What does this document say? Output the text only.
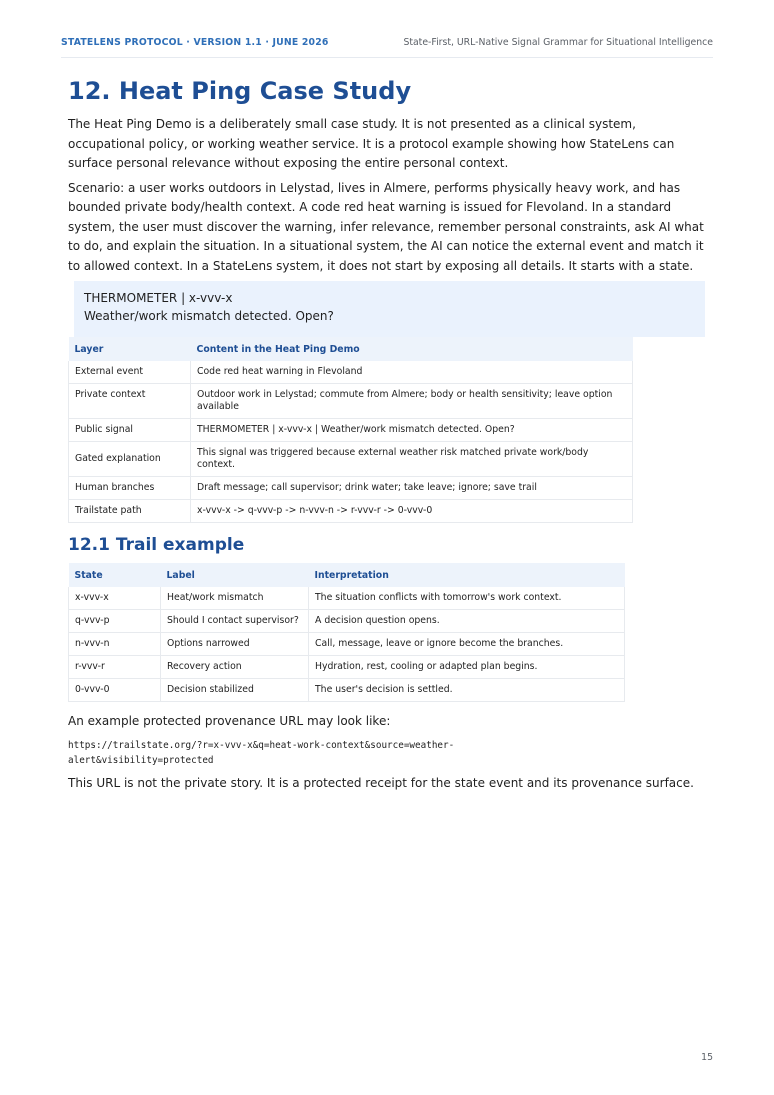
STATELENS PROTOCOL · VERSION 1.1 · JUNE 2026	State-First, URL-Native Signal Grammar for Situational Intelligence
12. Heat Ping Case Study

The Heat Ping Demo is a deliberately small case study. It is not presented as a clinical system, occupational policy, or working weather service. It is a protocol example showing how StateLens can surface personal relevance without exposing the entire personal context.

Scenario: a user works outdoors in Lelystad, lives in Almere, performs physically heavy work, and has bounded private body/health context. A code red heat warning is issued for Flevoland. In a standard system, the user must discover the warning, infer relevance, remember personal constraints, ask AI what to do, and explain the situation. In a situational system, the AI can notice the external event and match it to allowed context. In a StateLens system, it does not start by exposing all details. It starts with a state.

THERMOMETER | x-vvv-x
Weather/work mismatch detected. Open?
Layer	Content in the Heat Ping Demo
External event	Code red heat warning in Flevoland
Private context	Outdoor work in Lelystad; commute from Almere; body or health sensitivity; leave option available
Public signal	THERMOMETER | x-vvv-x | Weather/work mismatch detected. Open?
Gated explanation	This signal was triggered because external weather risk matched private work/body context.
Human branches	Draft message; call supervisor; drink water; take leave; ignore; save trail
Trailstate path	x-vvv-x -> q-vvv-p -> n-vvv-n -> r-vvv-r -> 0-vvv-0
12.1 Trail example
State	Label	Interpretation
x-vvv-x	Heat/work mismatch	The situation conflicts with tomorrow's work context.
q-vvv-p	Should I contact supervisor?	A decision question opens.
n-vvv-n	Options narrowed	Call, message, leave or ignore become the branches.
r-vvv-r	Recovery action	Hydration, rest, cooling or adapted plan begins.
0-vvv-0	Decision stabilized	The user's decision is settled.

An example protected provenance URL may look like:

https://trailstate.org/?r=x-vvv-x&q=heat-work-context&source=weather-
alert&visibility=protected

This URL is not the private story. It is a protected receipt for the state event and its provenance surface.

15
